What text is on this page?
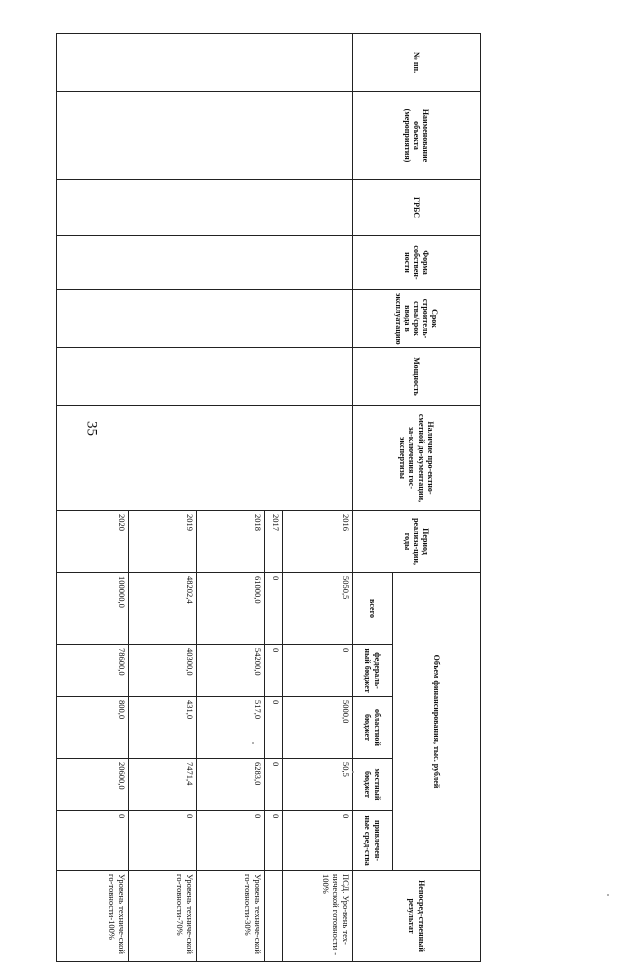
35
№ пп.	Наименование объекта (мероприятия)	ГРБС	Форма собствен-ности	Срок строитель-ства/срок ввода в эксплуатацию	Мощность	Наличие про-ектно-сметной до-кументации, за-ключения гос-экспертизы	Период реализа-ции, годы	Объем финансирования, тыс. рублей					Непосред-ственный результат
								всего	федераль-ный бюджет	областной бюджет	местный бюджет	привлечен-ные сред-ства	
							2016	5050,5	0	5000,0	50,5	0	ПСД. Уро-вень тех-нической готовности - 100%
							2017	0	0	0	0	0	
							2018	61000,0	54200,0	517,0	6283,0	0	Уровень техниче-ской го-товности-30%
							2019	48202,4	40300,0	431,0	7471,4	0	Уровень техниче-ской го-товности-70%
							2020	100000,0	78600,0	800,0	20600,0	0	Уровень техниче-ской го-товности-100%
